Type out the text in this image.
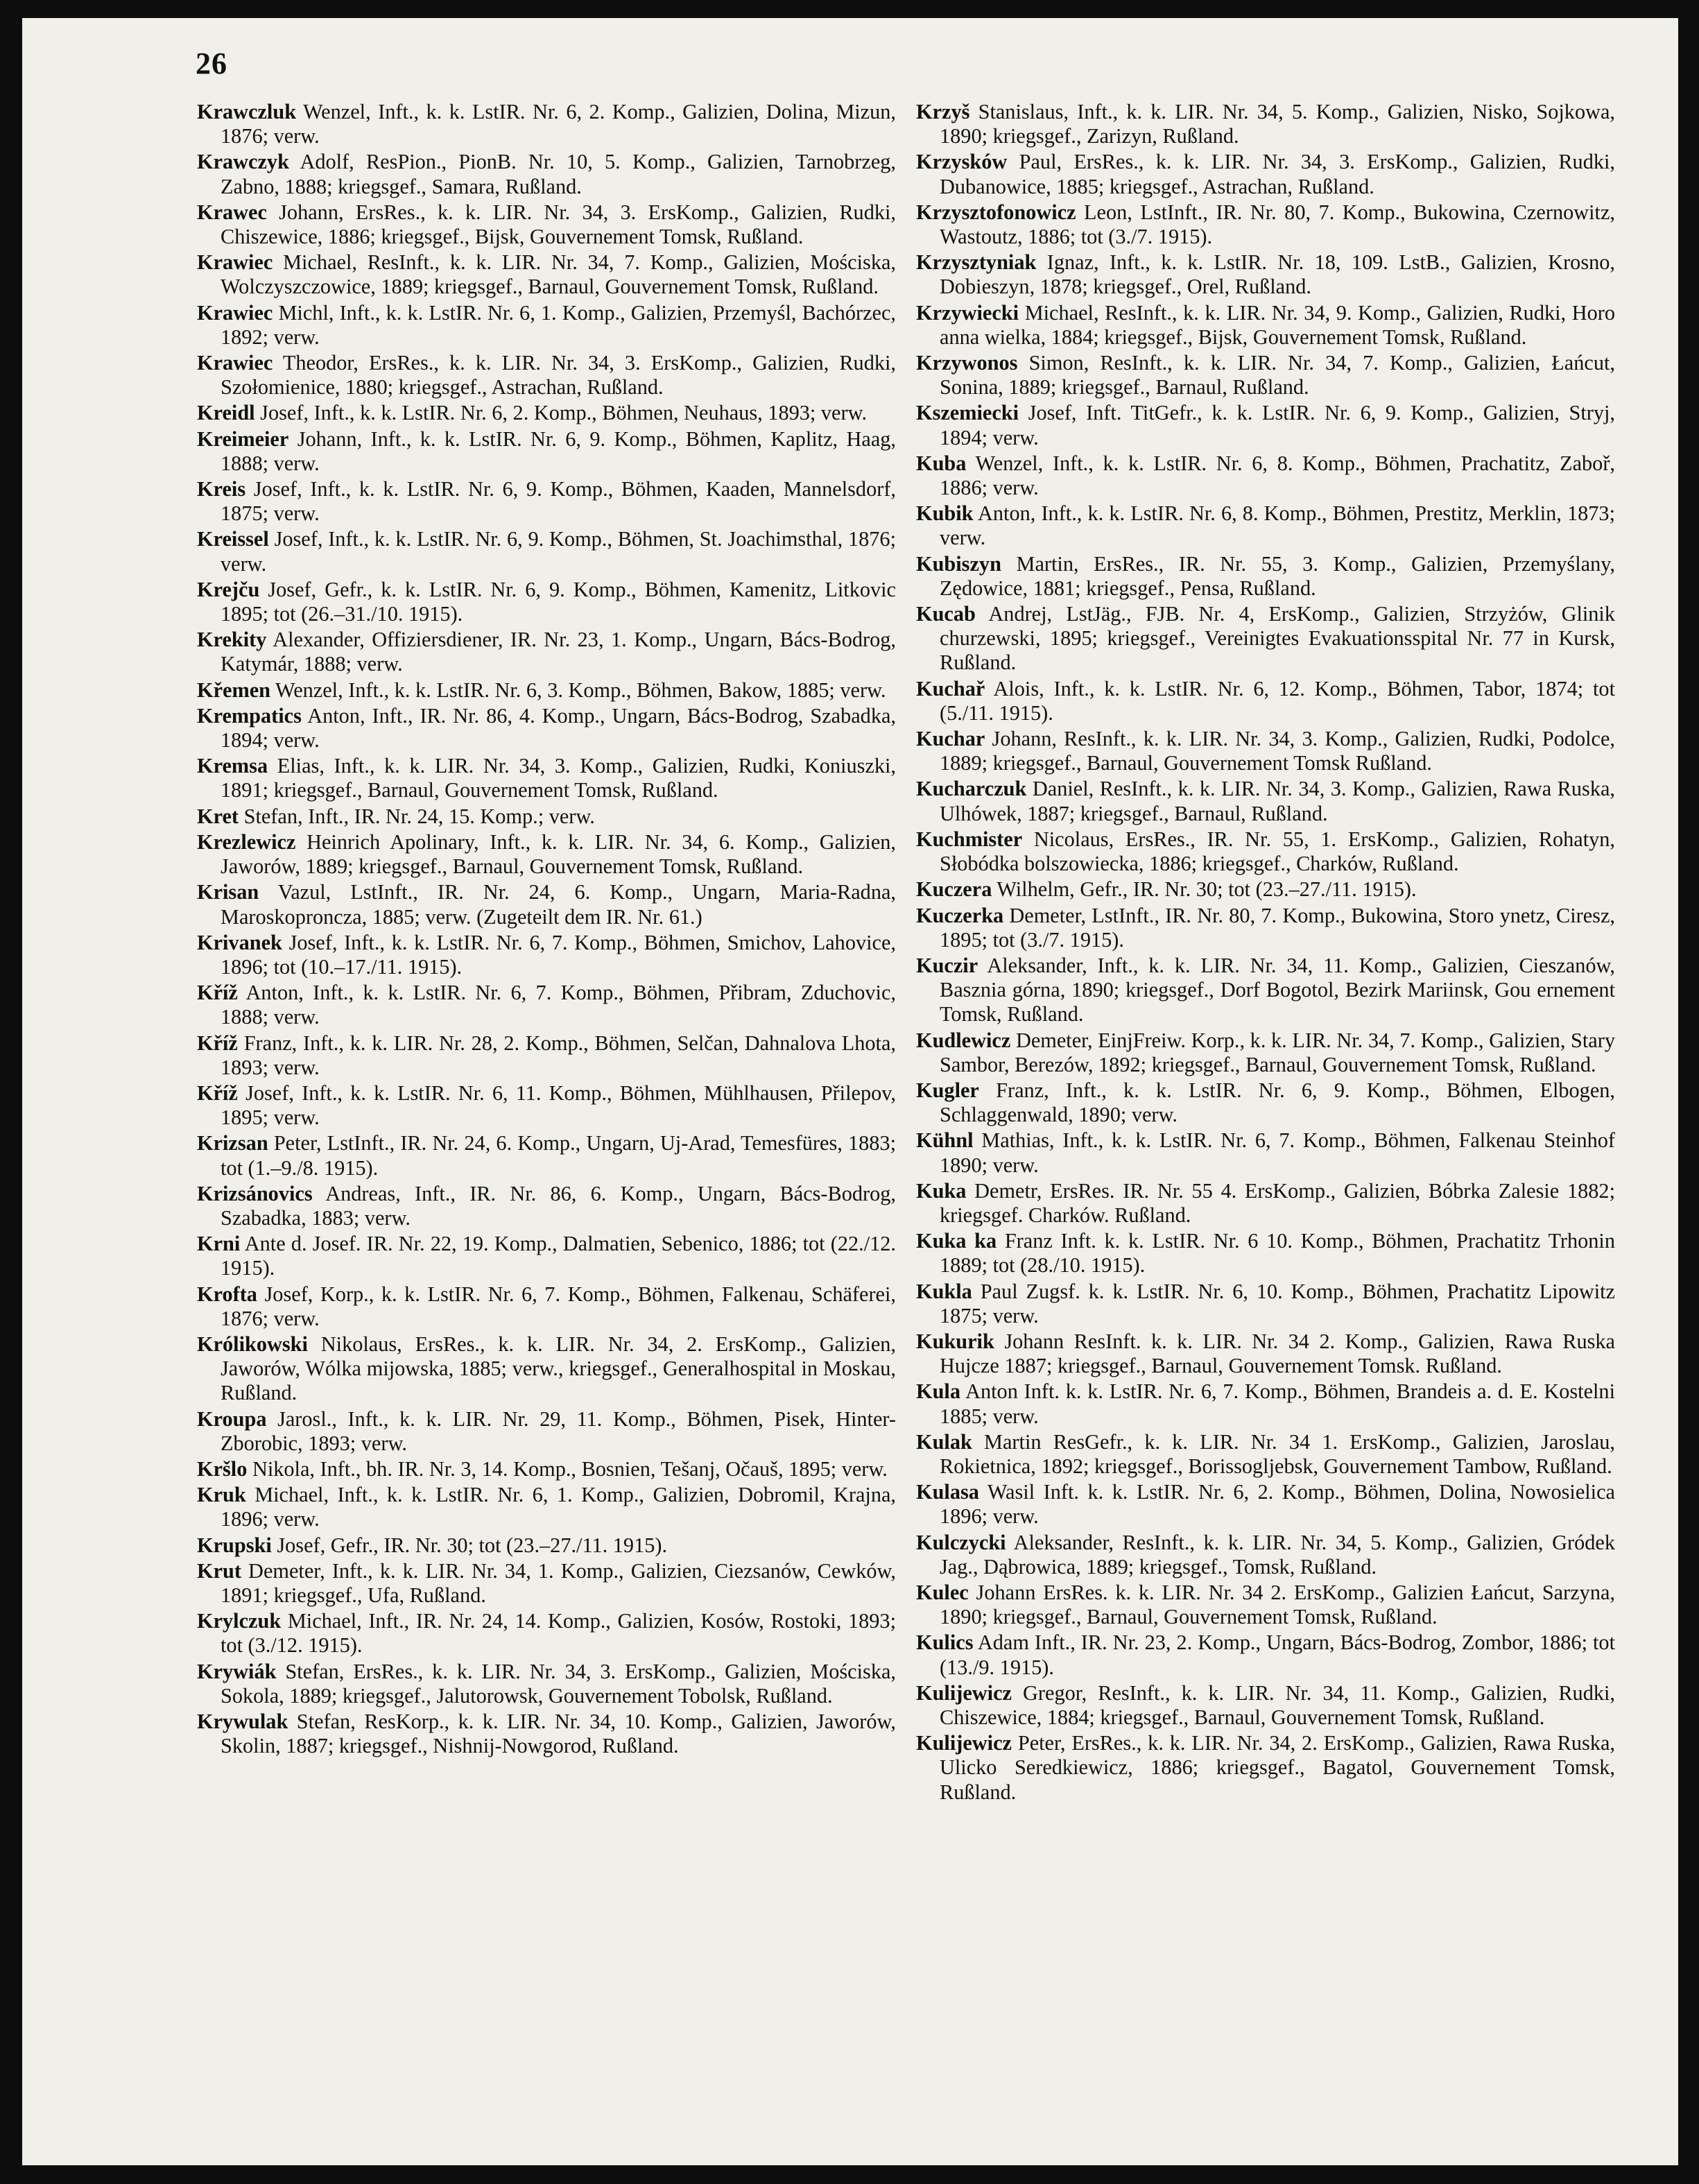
26

Krawczluk Wenzel, Inft., k. k. LstIR. Nr. 6, 2. Komp., Galizien, Dolina, Mizun, 1876; verw.

Krawczyk Adolf, ResPion., PionB. Nr. 10, 5. Komp., Galizien, Tarnobrzeg, Zabno, 1888; kriegsgef., Samara, Rußland.

Krawec Johann, ErsRes., k. k. LIR. Nr. 34, 3. ErsKomp., Galizien, Rudki, Chiszewice, 1886; kriegsgef., Bijsk, Gouvernement Tomsk, Rußland.

Krawiec Michael, ResInft., k. k. LIR. Nr. 34, 7. Komp., Galizien, Mościska, Wolczyszczowice, 1889; kriegsgef., Barnaul, Gouvernement Tomsk, Rußland.

Krawiec Michl, Inft., k. k. LstIR. Nr. 6, 1. Komp., Galizien, Przemyśl, Bachórzec, 1892; verw.

Krawiec Theodor, ErsRes., k. k. LIR. Nr. 34, 3. ErsKomp., Galizien, Rudki, Szołomienice, 1880; kriegsgef., Astrachan, Rußland.

Kreidl Josef, Inft., k. k. LstIR. Nr. 6, 2. Komp., Böhmen, Neuhaus, 1893; verw.

Kreimeier Johann, Inft., k. k. LstIR. Nr. 6, 9. Komp., Böhmen, Kaplitz, Haag, 1888; verw.

Kreis Josef, Inft., k. k. LstIR. Nr. 6, 9. Komp., Böhmen, Kaaden, Mannelsdorf, 1875; verw.

Kreissel Josef, Inft., k. k. LstIR. Nr. 6, 9. Komp., Böhmen, St. Joachimsthal, 1876; verw.

Krejču Josef, Gefr., k. k. LstIR. Nr. 6, 9. Komp., Böhmen, Kamenitz, Litkovic 1895; tot (26.–31./10. 1915).

Krekity Alexander, Offiziersdiener, IR. Nr. 23, 1. Komp., Ungarn, Bács-Bodrog, Katymár, 1888; verw.

Křemen Wenzel, Inft., k. k. LstIR. Nr. 6, 3. Komp., Böhmen, Bakow, 1885; verw.

Krempatics Anton, Inft., IR. Nr. 86, 4. Komp., Ungarn, Bács-Bodrog, Szabadka, 1894; verw.

Kremsa Elias, Inft., k. k. LIR. Nr. 34, 3. Komp., Galizien, Rudki, Koniuszki, 1891; kriegsgef., Barnaul, Gouvernement Tomsk, Rußland.

Kret Stefan, Inft., IR. Nr. 24, 15. Komp.; verw.

Krezlewicz Heinrich Apolinary, Inft., k. k. LIR. Nr. 34, 6. Komp., Galizien, Jaworów, 1889; kriegsgef., Barnaul, Gouvernement Tomsk, Rußland.

Krisan Vazul, LstInft., IR. Nr. 24, 6. Komp., Ungarn, Maria-Radna, Maroskoproncza, 1885; verw. (Zugeteilt dem IR. Nr. 61.)

Krivanek Josef, Inft., k. k. LstIR. Nr. 6, 7. Komp., Böhmen, Smichov, Lahovice, 1896; tot (10.–17./11. 1915).

Kříž Anton, Inft., k. k. LstIR. Nr. 6, 7. Komp., Böhmen, Přibram, Zduchovic, 1888; verw.

Kříž Franz, Inft., k. k. LIR. Nr. 28, 2. Komp., Böhmen, Selčan, Dahnalova Lhota, 1893; verw.

Kříž Josef, Inft., k. k. LstIR. Nr. 6, 11. Komp., Böhmen, Mühlhausen, Přilepov, 1895; verw.

Krizsan Peter, LstInft., IR. Nr. 24, 6. Komp., Ungarn, Uj-Arad, Temesfüres, 1883; tot (1.–9./8. 1915).

Krizsánovics Andreas, Inft., IR. Nr. 86, 6. Komp., Ungarn, Bács-Bodrog, Szabadka, 1883; verw.

Krni Ante d. Josef. IR. Nr. 22, 19. Komp., Dalmatien, Sebenico, 1886; tot (22./12. 1915).

Krofta Josef, Korp., k. k. LstIR. Nr. 6, 7. Komp., Böhmen, Falkenau, Schäferei, 1876; verw.

Królikowski Nikolaus, ErsRes., k. k. LIR. Nr. 34, 2. ErsKomp., Galizien, Jaworów, Wólka mijowska, 1885; verw., kriegsgef., Generalhospital in Moskau, Rußland.

Kroupa Jarosl., Inft., k. k. LIR. Nr. 29, 11. Komp., Böhmen, Pisek, Hinter-Zborobic, 1893; verw.

Kršlo Nikola, Inft., bh. IR. Nr. 3, 14. Komp., Bosnien, Tešanj, Očauš, 1895; verw.

Kruk Michael, Inft., k. k. LstIR. Nr. 6, 1. Komp., Galizien, Dobromil, Krajna, 1896; verw.

Krupski Josef, Gefr., IR. Nr. 30; tot (23.–27./11. 1915).

Krut Demeter, Inft., k. k. LIR. Nr. 34, 1. Komp., Galizien, Ciezsanów, Cewków, 1891; kriegsgef., Ufa, Rußland.

Krylczuk Michael, Inft., IR. Nr. 24, 14. Komp., Galizien, Kosów, Rostoki, 1893; tot (3./12. 1915).

Krywiák Stefan, ErsRes., k. k. LIR. Nr. 34, 3. ErsKomp., Galizien, Mościska, Sokola, 1889; kriegsgef., Jalutorowsk, Gouvernement Tobolsk, Rußland.

Krywulak Stefan, ResKorp., k. k. LIR. Nr. 34, 10. Komp., Galizien, Jaworów, Skolin, 1887; kriegsgef., Nishnij-Nowgorod, Rußland.

Krzyš Stanislaus, Inft., k. k. LIR. Nr. 34, 5. Komp., Galizien, Nisko, Sojkowa, 1890; kriegsgef., Zarizyn, Rußland.

Krzysków Paul, ErsRes., k. k. LIR. Nr. 34, 3. ErsKomp., Galizien, Rudki, Dubanowice, 1885; kriegsgef., Astrachan, Rußland.

Krzysztofonowicz Leon, LstInft., IR. Nr. 80, 7. Komp., Bukowina, Czernowitz, Wastoutz, 1886; tot (3./7. 1915).

Krzysztyniak Ignaz, Inft., k. k. LstIR. Nr. 18, 109. LstB., Galizien, Krosno, Dobieszyn, 1878; kriegsgef., Orel, Rußland.

Krzywiecki Michael, ResInft., k. k. LIR. Nr. 34, 9. Komp., Galizien, Rudki, Horo anna wielka, 1884; kriegsgef., Bijsk, Gouvernement Tomsk, Rußland.

Krzywonos Simon, ResInft., k. k. LIR. Nr. 34, 7. Komp., Galizien, Łańcut, Sonina, 1889; kriegsgef., Barnaul, Rußland.

Kszemiecki Josef, Inft. TitGefr., k. k. LstIR. Nr. 6, 9. Komp., Galizien, Stryj, 1894; verw.

Kuba Wenzel, Inft., k. k. LstIR. Nr. 6, 8. Komp., Böhmen, Prachatitz, Zaboř, 1886; verw.

Kubik Anton, Inft., k. k. LstIR. Nr. 6, 8. Komp., Böhmen, Prestitz, Merklin, 1873; verw.

Kubiszyn Martin, ErsRes., IR. Nr. 55, 3. Komp., Galizien, Przemyślany, Zędowice, 1881; kriegsgef., Pensa, Rußland.

Kucab Andrej, LstJäg., FJB. Nr. 4, ErsKomp., Galizien, Strzyżów, Glinik churzewski, 1895; kriegsgef., Vereinigtes Evakuationsspital Nr. 77 in Kursk, Rußland.

Kuchař Alois, Inft., k. k. LstIR. Nr. 6, 12. Komp., Böhmen, Tabor, 1874; tot (5./11. 1915).

Kuchar Johann, ResInft., k. k. LIR. Nr. 34, 3. Komp., Galizien, Rudki, Podolce, 1889; kriegsgef., Barnaul, Gouvernement Tomsk Rußland.

Kucharczuk Daniel, ResInft., k. k. LIR. Nr. 34, 3. Komp., Galizien, Rawa Ruska, Ulhówek, 1887; kriegsgef., Barnaul, Rußland.

Kuchmister Nicolaus, ErsRes., IR. Nr. 55, 1. ErsKomp., Galizien, Rohatyn, Słobódka bolszowiecka, 1886; kriegsgef., Charków, Rußland.

Kuczera Wilhelm, Gefr., IR. Nr. 30; tot (23.–27./11. 1915).

Kuczerka Demeter, LstInft., IR. Nr. 80, 7. Komp., Bukowina, Storo ynetz, Ciresz, 1895; tot (3./7. 1915).

Kuczir Aleksander, Inft., k. k. LIR. Nr. 34, 11. Komp., Galizien, Cieszanów, Basznia górna, 1890; kriegsgef., Dorf Bogotol, Bezirk Mariinsk, Gou ernement Tomsk, Rußland.

Kudlewicz Demeter, EinjFreiw. Korp., k. k. LIR. Nr. 34, 7. Komp., Galizien, Stary Sambor, Berezów, 1892; kriegsgef., Barnaul, Gouvernement Tomsk, Rußland.

Kugler Franz, Inft., k. k. LstIR. Nr. 6, 9. Komp., Böhmen, Elbogen, Schlaggenwald, 1890; verw.

Kühnl Mathias, Inft., k. k. LstIR. Nr. 6, 7. Komp., Böhmen, Falkenau Steinhof 1890; verw.

Kuka Demetr, ErsRes. IR. Nr. 55 4. ErsKomp., Galizien, Bóbrka Zalesie 1882; kriegsgef. Charków. Rußland.

Kuka ka Franz Inft. k. k. LstIR. Nr. 6 10. Komp., Böhmen, Prachatitz Trhonin 1889; tot (28./10. 1915).

Kukla Paul Zugsf. k. k. LstIR. Nr. 6, 10. Komp., Böhmen, Prachatitz Lipowitz 1875; verw.

Kukurik Johann ResInft. k. k. LIR. Nr. 34 2. Komp., Galizien, Rawa Ruska Hujcze 1887; kriegsgef., Barnaul, Gouvernement Tomsk. Rußland.

Kula Anton Inft. k. k. LstIR. Nr. 6, 7. Komp., Böhmen, Brandeis a. d. E. Kostelni 1885; verw.

Kulak Martin ResGefr., k. k. LIR. Nr. 34 1. ErsKomp., Galizien, Jaroslau, Rokietnica, 1892; kriegsgef., Borissogljebsk, Gouvernement Tambow, Rußland.

Kulasa Wasil Inft. k. k. LstIR. Nr. 6, 2. Komp., Böhmen, Dolina, Nowosielica 1896; verw.

Kulczycki Aleksander, ResInft., k. k. LIR. Nr. 34, 5. Komp., Galizien, Gródek Jag., Dąbrowica, 1889; kriegsgef., Tomsk, Rußland.

Kulec Johann ErsRes. k. k. LIR. Nr. 34 2. ErsKomp., Galizien Łańcut, Sarzyna, 1890; kriegsgef., Barnaul, Gouvernement Tomsk, Rußland.

Kulics Adam Inft., IR. Nr. 23, 2. Komp., Ungarn, Bács-Bodrog, Zombor, 1886; tot (13./9. 1915).

Kulijewicz Gregor, ResInft., k. k. LIR. Nr. 34, 11. Komp., Galizien, Rudki, Chiszewice, 1884; kriegsgef., Barnaul, Gouvernement Tomsk, Rußland.

Kulijewicz Peter, ErsRes., k. k. LIR. Nr. 34, 2. ErsKomp., Galizien, Rawa Ruska, Ulicko Seredkiewicz, 1886; kriegsgef., Bagatol, Gouvernement Tomsk, Rußland.
